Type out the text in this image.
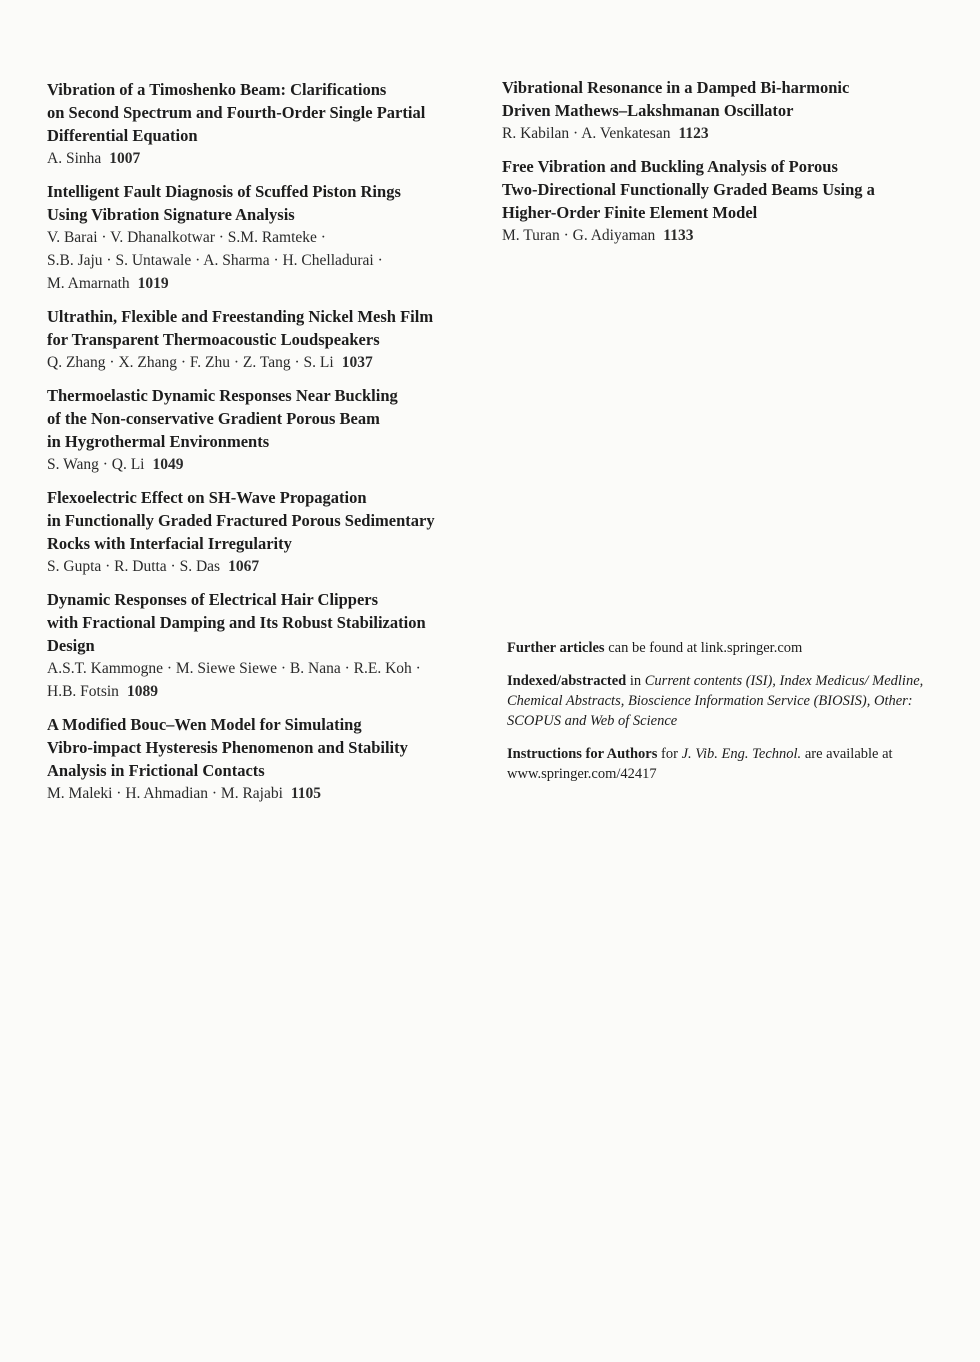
Vibration of a Timoshenko Beam: Clarifications
on Second Spectrum and Fourth-Order Single Partial
Differential Equation
A. Sinha 1007
Intelligent Fault Diagnosis of Scuffed Piston Rings
Using Vibration Signature Analysis
V. Barai · V. Dhanalkotwar · S.M. Ramteke ·
S.B. Jaju · S. Untawale · A. Sharma · H. Chelladurai ·
M. Amarnath 1019
Ultrathin, Flexible and Freestanding Nickel Mesh Film
for Transparent Thermoacoustic Loudspeakers
Q. Zhang · X. Zhang · F. Zhu · Z. Tang · S. Li 1037
Thermoelastic Dynamic Responses Near Buckling
of the Non-conservative Gradient Porous Beam
in Hygrothermal Environments
S. Wang · Q. Li 1049
Flexoelectric Effect on SH-Wave Propagation
in Functionally Graded Fractured Porous Sedimentary
Rocks with Interfacial Irregularity
S. Gupta · R. Dutta · S. Das 1067
Dynamic Responses of Electrical Hair Clippers
with Fractional Damping and Its Robust Stabilization
Design
A.S.T. Kammogne · M. Siewe Siewe · B. Nana · R.E. Koh ·
H.B. Fotsin 1089
A Modified Bouc–Wen Model for Simulating
Vibro-impact Hysteresis Phenomenon and Stability
Analysis in Frictional Contacts
M. Maleki · H. Ahmadian · M. Rajabi 1105
Vibrational Resonance in a Damped Bi-harmonic
Driven Mathews–Lakshmanan Oscillator
R. Kabilan · A. Venkatesan 1123
Free Vibration and Buckling Analysis of Porous
Two-Directional Functionally Graded Beams Using a
Higher-Order Finite Element Model
M. Turan · G. Adiyaman 1133

Further articles can be found at link.springer.com

Indexed/abstracted in Current contents (ISI), Index Medicus/ Medline, Chemical Abstracts, Bioscience Information Service (BIOSIS), Other: SCOPUS and Web of Science

Instructions for Authors for J. Vib. Eng. Technol. are available at www.springer.com/42417
